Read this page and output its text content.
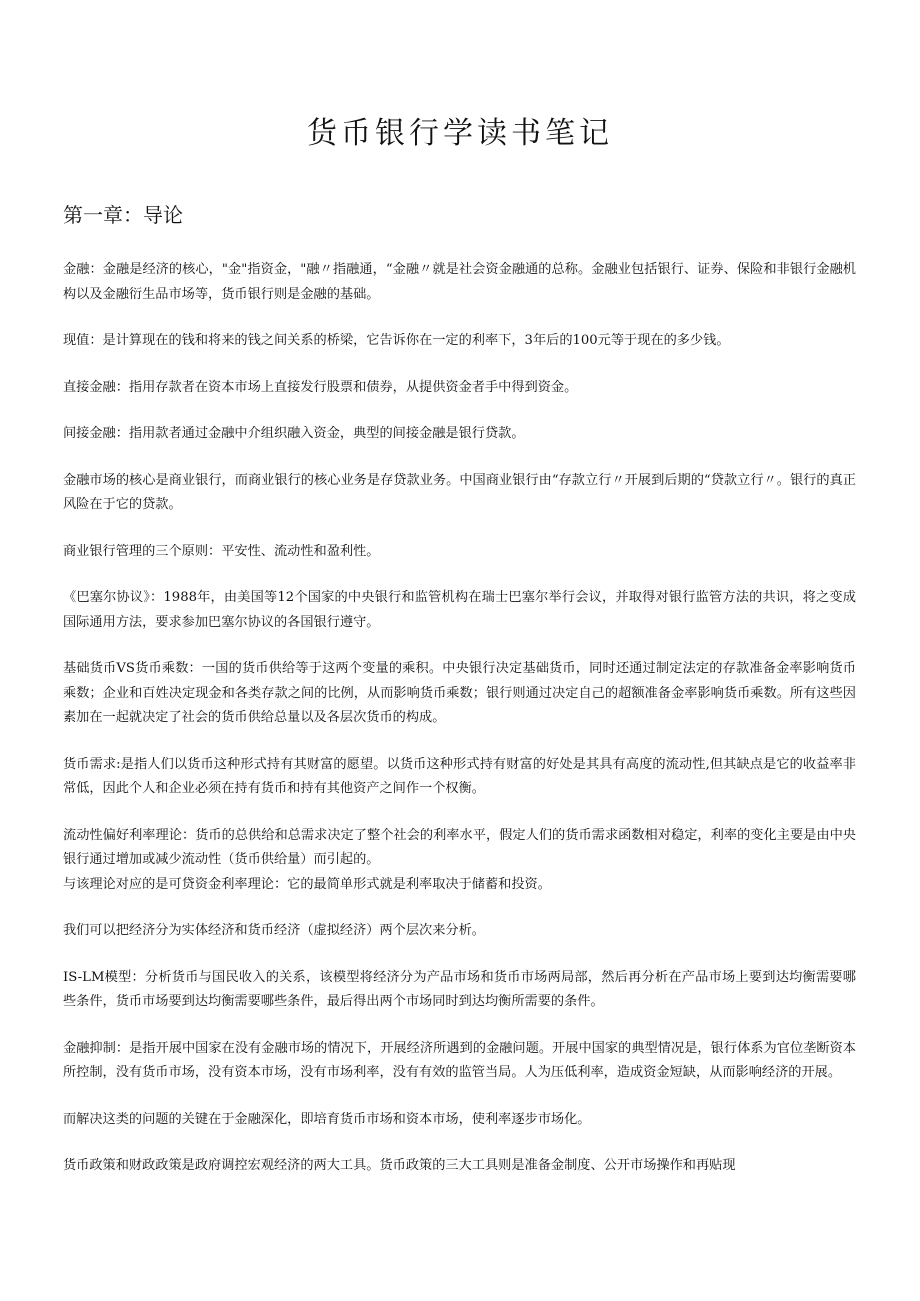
货币银行学读书笔记
第一章：导论

金融：金融是经济的核心，"金"指资金，"融〃指融通，“金融〃就是社会资金融通的总称。金融业包括银行、证券、保险和非银行金融机构以及金融衍生品市场等，货币银行则是金融的基础。

现值：是计算现在的钱和将来的钱之间关系的桥梁，它告诉你在一定的利率下，3年后的100元等于现在的多少钱。

直接金融：指用存款者在资本市场上直接发行股票和债券，从提供资金者手中得到资金。

间接金融：指用款者通过金融中介组织融入资金，典型的间接金融是银行贷款。

金融市场的核心是商业银行，而商业银行的核心业务是存贷款业务。中国商业银行由“存款立行〃开展到后期的“贷款立行〃。银行的真正风险在于它的贷款。

商业银行管理的三个原则：平安性、流动性和盈利性。

《巴塞尔协议》：1988年，由美国等12个国家的中央银行和监管机构在瑞士巴塞尔举行会议，并取得对银行监管方法的共识，将之变成国际通用方法，要求参加巴塞尔协议的各国银行遵守。

基础货币VS货币乘数：一国的货币供给等于这两个变量的乘积。中央银行决定基础货币，同时还通过制定法定的存款准备金率影响货币乘数；企业和百姓决定现金和各类存款之间的比例，从而影响货币乘数；银行则通过决定自己的超额准备金率影响货币乘数。所有这些因素加在一起就决定了社会的货币供给总量以及各层次货币的构成。

货币需求:是指人们以货币这种形式持有其财富的愿望。以货币这种形式持有财富的好处是其具有高度的流动性,但其缺点是它的收益率非常低，因此个人和企业必须在持有货币和持有其他资产之间作一个权衡。

流动性偏好利率理论：货币的总供给和总需求决定了整个社会的利率水平，假定人们的货币需求函数相对稳定，利率的变化主要是由中央银行通过增加或减少流动性（货币供给量）而引起的。

与该理论对应的是可贷资金利率理论：它的最简单形式就是利率取决于储蓄和投资。

我们可以把经济分为实体经济和货币经济（虚拟经济）两个层次来分析。

IS-LM模型：分析货币与国民收入的关系，该模型将经济分为产品市场和货币市场两局部，然后再分析在产品市场上要到达均衡需要哪些条件，货币市场要到达均衡需要哪些条件，最后得出两个市场同时到达均衡所需要的条件。

金融抑制：是指开展中国家在没有金融市场的情况下，开展经济所遇到的金融问题。开展中国家的典型情况是，银行体系为官位垄断资本所控制，没有货币市场，没有资本市场，没有市场利率，没有有效的监管当局。人为压低利率，造成资金短缺，从而影响经济的开展。

而解决这类的问题的关键在于金融深化，即培育货币市场和资本市场，使利率逐步市场化。

货币政策和财政政策是政府调控宏观经济的两大工具。货币政策的三大工具则是准备金制度、公开市场操作和再贴现
